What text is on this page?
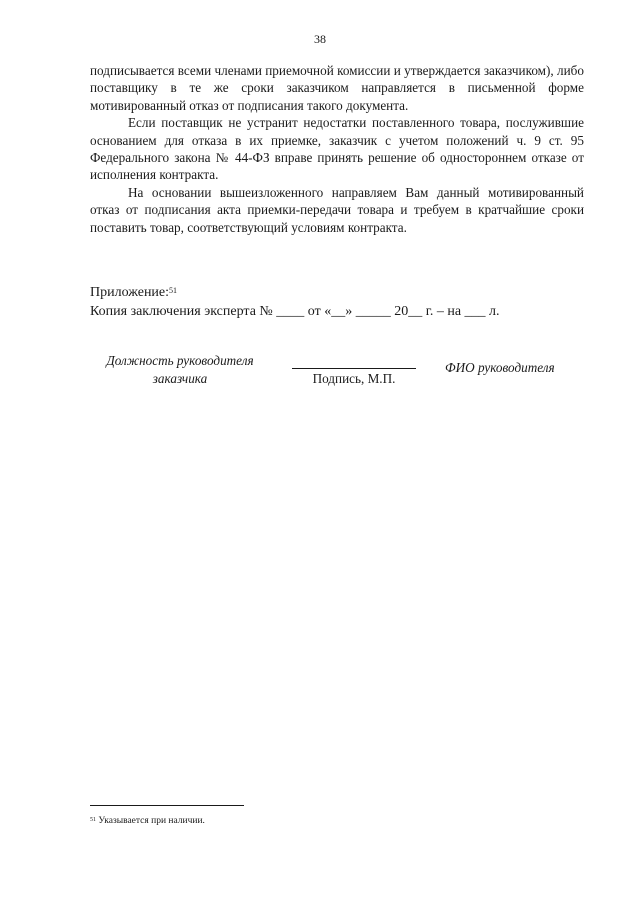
38

подписывается всеми членами приемочной комиссии и утверждается заказчиком), либо поставщику в те же сроки заказчиком направляется в письменной форме мотивированный отказ от подписания такого документа.

Если поставщик не устранит недостатки поставленного товара, послужившие основанием для отказа в их приемке, заказчик с учетом положений ч. 9 ст. 95 Федерального закона № 44-ФЗ вправе принять решение об одностороннем отказе от исполнения контракта.

На основании вышеизложенного направляем Вам данный мотивированный отказ от подписания акта приемки-передачи товара и требуем в кратчайшие сроки поставить товар, соответствующий условиям контракта.

Приложение:$^{51}$
Копия заключения эксперта № ____ от «__» _____ 20__ г. – на ___ л.
Должность руководителя
заказчика	Подпись, М.П.
ФИО руководителя
$^{51}$ Указывается при наличии.
